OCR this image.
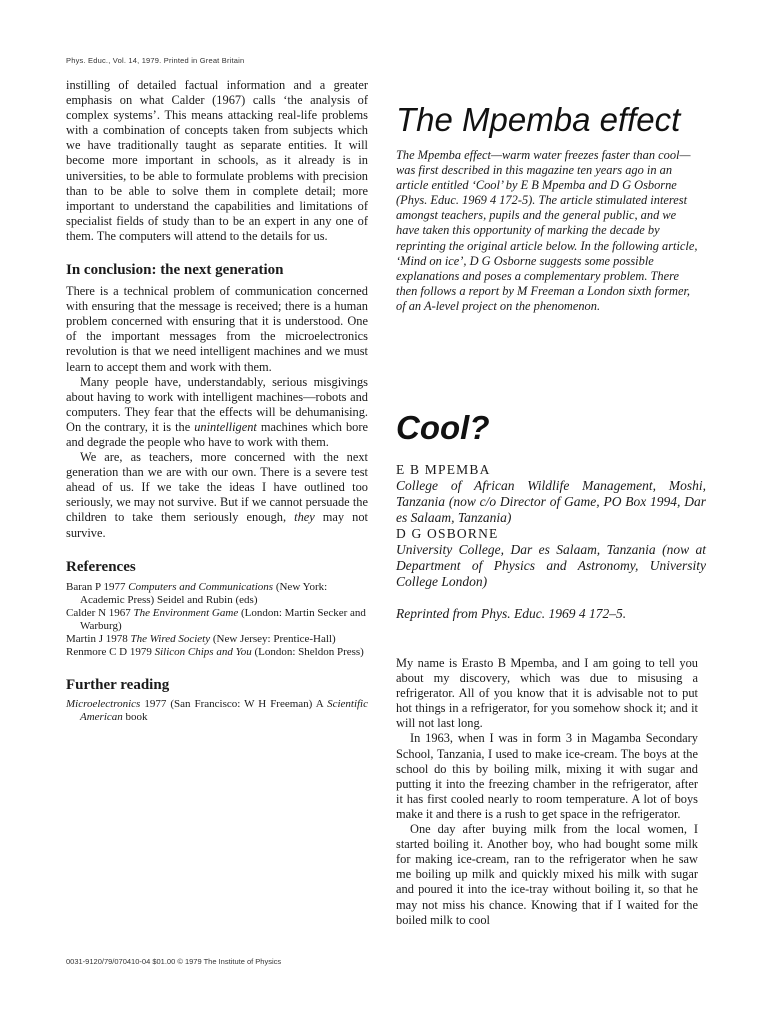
Phys. Educ., Vol. 14, 1979. Printed in Great Britain

instilling of detailed factual information and a greater emphasis on what Calder (1967) calls ‘the analysis of complex systems’. This means attacking real-life problems with a combination of concepts taken from subjects which we have traditionally taught as separate entities. It will become more important in schools, as it already is in universities, to be able to formulate problems with precision than to be able to solve them in complete detail; more important to understand the capabilities and limitations of specialist fields of study than to be an expert in any one of them. The computers will attend to the details for us.

In conclusion: the next generation

There is a technical problem of communication concerned with ensuring that the message is received; there is a human problem concerned with ensuring that it is understood. One of the important messages from the microelectronics revolution is that we need intelligent machines and we must learn to accept them and work with them.

Many people have, understandably, serious misgivings about having to work with intelligent machines—robots and computers. They fear that the effects will be dehumanising. On the contrary, it is the unintelligent machines which bore and degrade the people who have to work with them.

We are, as teachers, more concerned with the next generation than we are with our own. There is a severe test ahead of us. If we take the ideas I have outlined too seriously, we may not survive. But if we cannot persuade the children to take them seriously enough, they may not survive.

References

Baran P 1977 Computers and Communications (New York: Academic Press) Seidel and Rubin (eds)

Calder N 1967 The Environment Game (London: Martin Secker and Warburg)

Martin J 1978 The Wired Society (New Jersey: Prentice-Hall)

Renmore C D 1979 Silicon Chips and You (London: Sheldon Press)

Further reading

Microelectronics 1977 (San Francisco: W H Freeman) A Scientific American book

The Mpemba effect

The Mpemba effect—warm water freezes faster than cool—was first described in this magazine ten years ago in an article entitled ‘Cool’ by E B Mpemba and D G Osborne (Phys. Educ. 1969 4 172-5). The article stimulated interest amongst teachers, pupils and the general public, and we have taken this opportunity of marking the decade by reprinting the original article below. In the following article, ‘Mind on ice’, D G Osborne suggests some possible explanations and poses a complementary problem. There then follows a report by M Freeman a London sixth former, of an A-level project on the phenomenon.

Cool?

E B MPEMBA

College of African Wildlife Management, Moshi, Tanzania (now c/o Director of Game, PO Box 1994, Dar es Salaam, Tanzania)

D G OSBORNE

University College, Dar es Salaam, Tanzania (now at Department of Physics and Astronomy, University College London)

Reprinted from Phys. Educ. 1969 4 172–5.

My name is Erasto B Mpemba, and I am going to tell you about my discovery, which was due to misusing a refrigerator. All of you know that it is advisable not to put hot things in a refrigerator, for you somehow shock it; and it will not last long.

In 1963, when I was in form 3 in Magamba Secondary School, Tanzania, I used to make ice-cream. The boys at the school do this by boiling milk, mixing it with sugar and putting it into the freezing chamber in the refrigerator, after it has first cooled nearly to room temperature. A lot of boys make it and there is a rush to get space in the refrigerator.

One day after buying milk from the local women, I started boiling it. Another boy, who had bought some milk for making ice-cream, ran to the refrigerator when he saw me boiling up milk and quickly mixed his milk with sugar and poured it into the ice-tray without boiling it, so that he may not miss his chance. Knowing that if I waited for the boiled milk to cool

0031-9120/79/070410-04 $01.00 © 1979 The Institute of Physics
